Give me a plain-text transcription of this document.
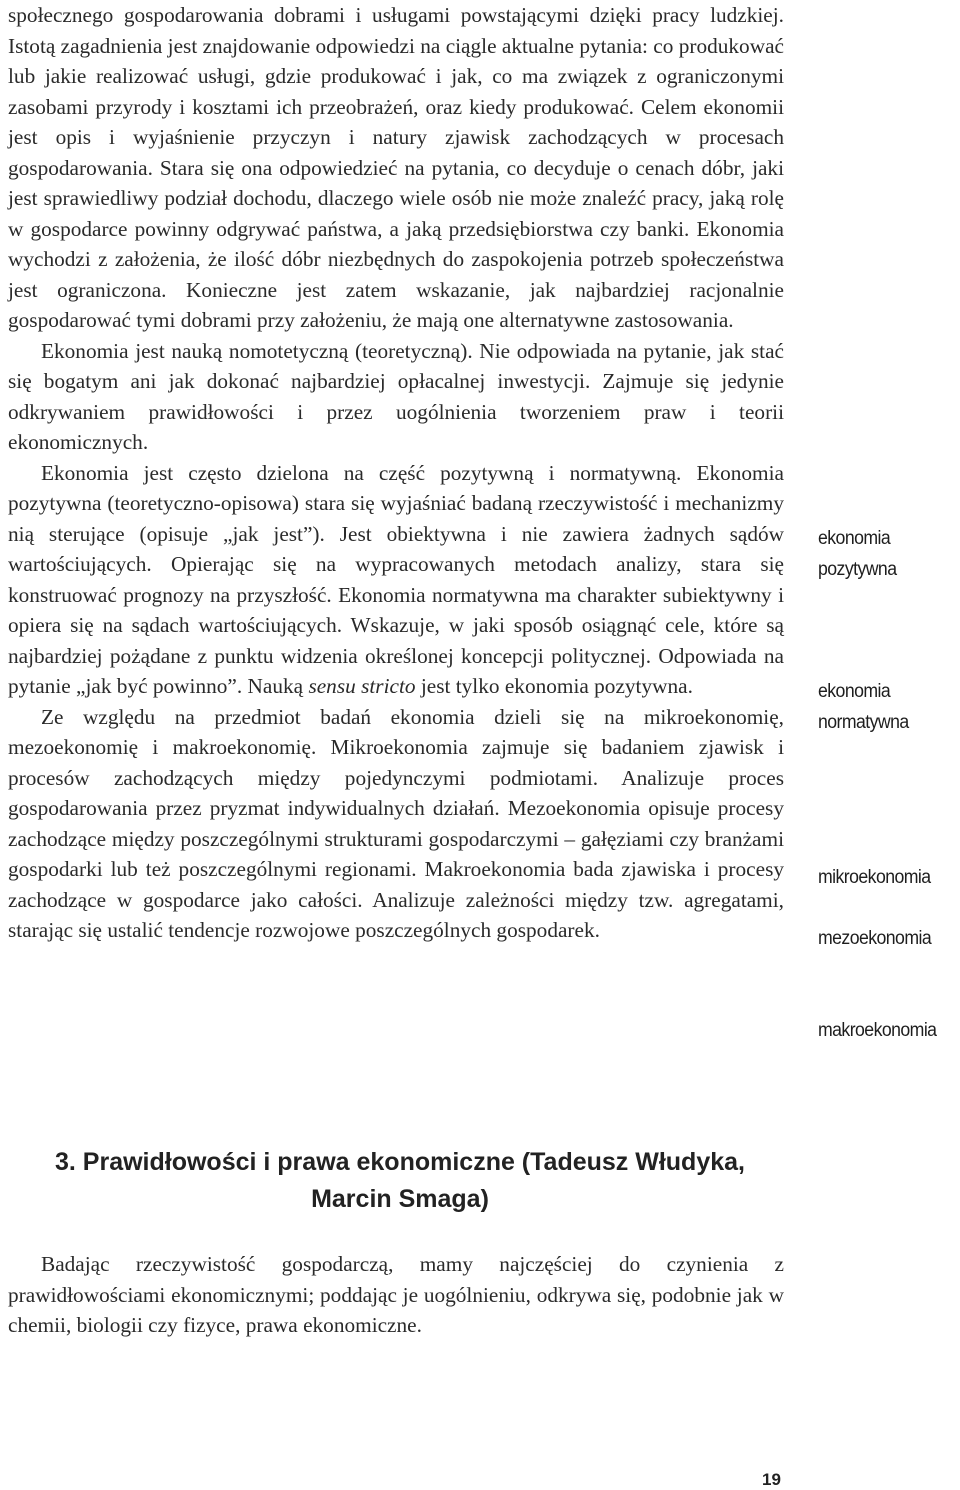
społecznego gospodarowania dobrami i usługami powstającymi dzięki pracy ludzkiej. Istotą zagadnienia jest znajdowanie odpowiedzi na ciągle aktualne pytania: co produkować lub jakie realizować usługi, gdzie produkować i jak, co ma związek z ograniczonymi zasobami przyrody i kosztami ich przeobrażeń, oraz kiedy produkować. Celem ekonomii jest opis i wyjaśnienie przyczyn i natury zjawisk zachodzących w procesach gospodarowania. Stara się ona odpowiedzieć na pytania, co decyduje o cenach dóbr, jaki jest sprawiedliwy podział dochodu, dlaczego wiele osób nie może znaleźć pracy, jaką rolę w gospodarce powinny odgrywać państwa, a jaką przedsiębiorstwa czy banki. Ekonomia wychodzi z założenia, że ilość dóbr niezbędnych do zaspokojenia potrzeb społeczeństwa jest ograniczona. Konieczne jest zatem wskazanie, jak najbardziej racjonalnie gospodarować tymi dobrami przy założeniu, że mają one alternatywne zastosowania.

Ekonomia jest nauką nomotetyczną (teoretyczną). Nie odpowiada na pytanie, jak stać się bogatym ani jak dokonać najbardziej opłacalnej inwestycji. Zajmuje się jedynie odkrywaniem prawidłowości i przez uogólnienia tworzeniem praw i teorii ekonomicznych.

Ekonomia jest często dzielona na część pozytywną i normatywną. Ekonomia pozytywna (teoretyczno-opisowa) stara się wyjaśniać badaną rzeczywistość i mechanizmy nią sterujące (opisuje „jak jest”). Jest obiektywna i nie zawiera żadnych sądów wartościujących. Opierając się na wypracowanych metodach analizy, stara się konstruować prognozy na przyszłość. Ekonomia normatywna ma charakter subiektywny i opiera się na sądach wartościujących. Wskazuje, w jaki sposób osiągnąć cele, które są najbardziej pożądane z punktu widzenia określonej koncepcji politycznej. Odpowiada na pytanie „jak być powinno”. Nauką sensu stricto jest tylko ekonomia pozytywna.

Ze względu na przedmiot badań ekonomia dzieli się na mikroekonomię, mezoekonomię i makroekonomię. Mikroekonomia zajmuje się badaniem zjawisk i procesów zachodzących między pojedynczymi podmiotami. Analizuje proces gospodarowania przez pryzmat indywidualnych działań. Mezoekonomia opisuje procesy zachodzące między poszczególnymi strukturami gospodarczymi – gałęziami czy branżami gospodarki lub też poszczególnymi regionami. Makroekonomia bada zjawiska i procesy zachodzące w gospodarce jako całości. Analizuje zależności między tzw. agregatami, starając się ustalić tendencje rozwojowe poszczególnych gospodarek.

ekonomia
pozytywna
ekonomia
normatywna
mikroekonomia
mezoekonomia
makroekonomia
3. Prawidłowości i prawa ekonomiczne (Tadeusz Włudyka,
Marcin Smaga)

Badając rzeczywistość gospodarczą, mamy najczęściej do czynienia z prawidłowościami ekonomicznymi; poddając je uogólnieniu, odkrywa się, podobnie jak w chemii, biologii czy fizyce, prawa ekonomiczne.

19
